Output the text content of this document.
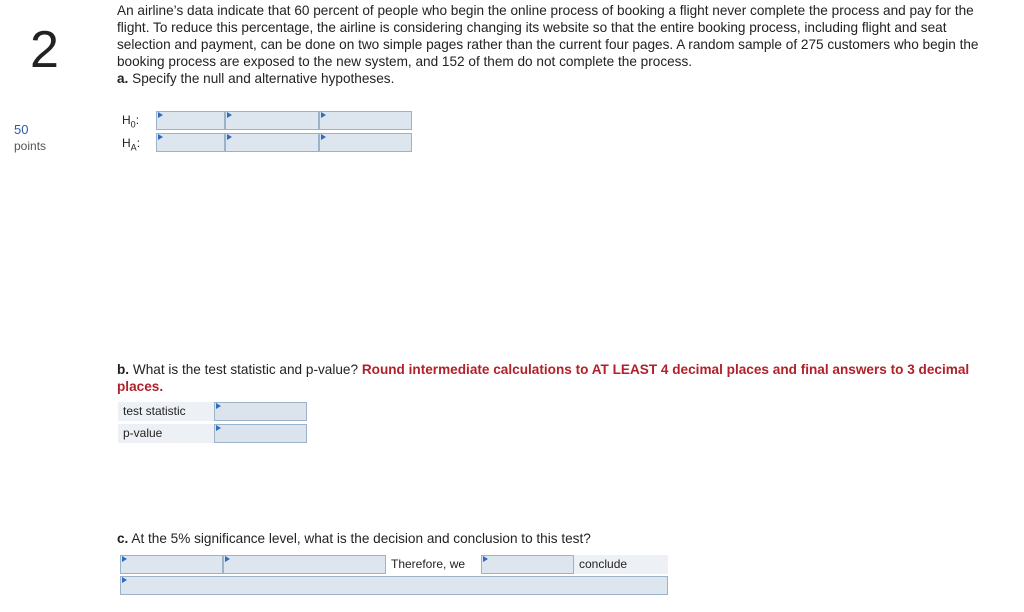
2
50
points

An airline’s data indicate that 60 percent of people who begin the online process of booking a flight never complete the process and pay for the flight. To reduce this percentage, the airline is considering changing its website so that the entire booking process, including flight and seat selection and payment, can be done on two simple pages rather than the current four pages. A random sample of 275 customers who begin the booking process are exposed to the new system, and 152 of them do not complete the process.

a. Specify the null and alternative hypotheses.

$H_0$:
$H_A$:

b. What is the test statistic and p-value? Round intermediate calculations to AT LEAST 4 decimal places and final answers to 3 decimal places.

test statistic
p-value

c. At the 5% significance level, what is the decision and conclusion to this test?

Therefore, we	conclude
